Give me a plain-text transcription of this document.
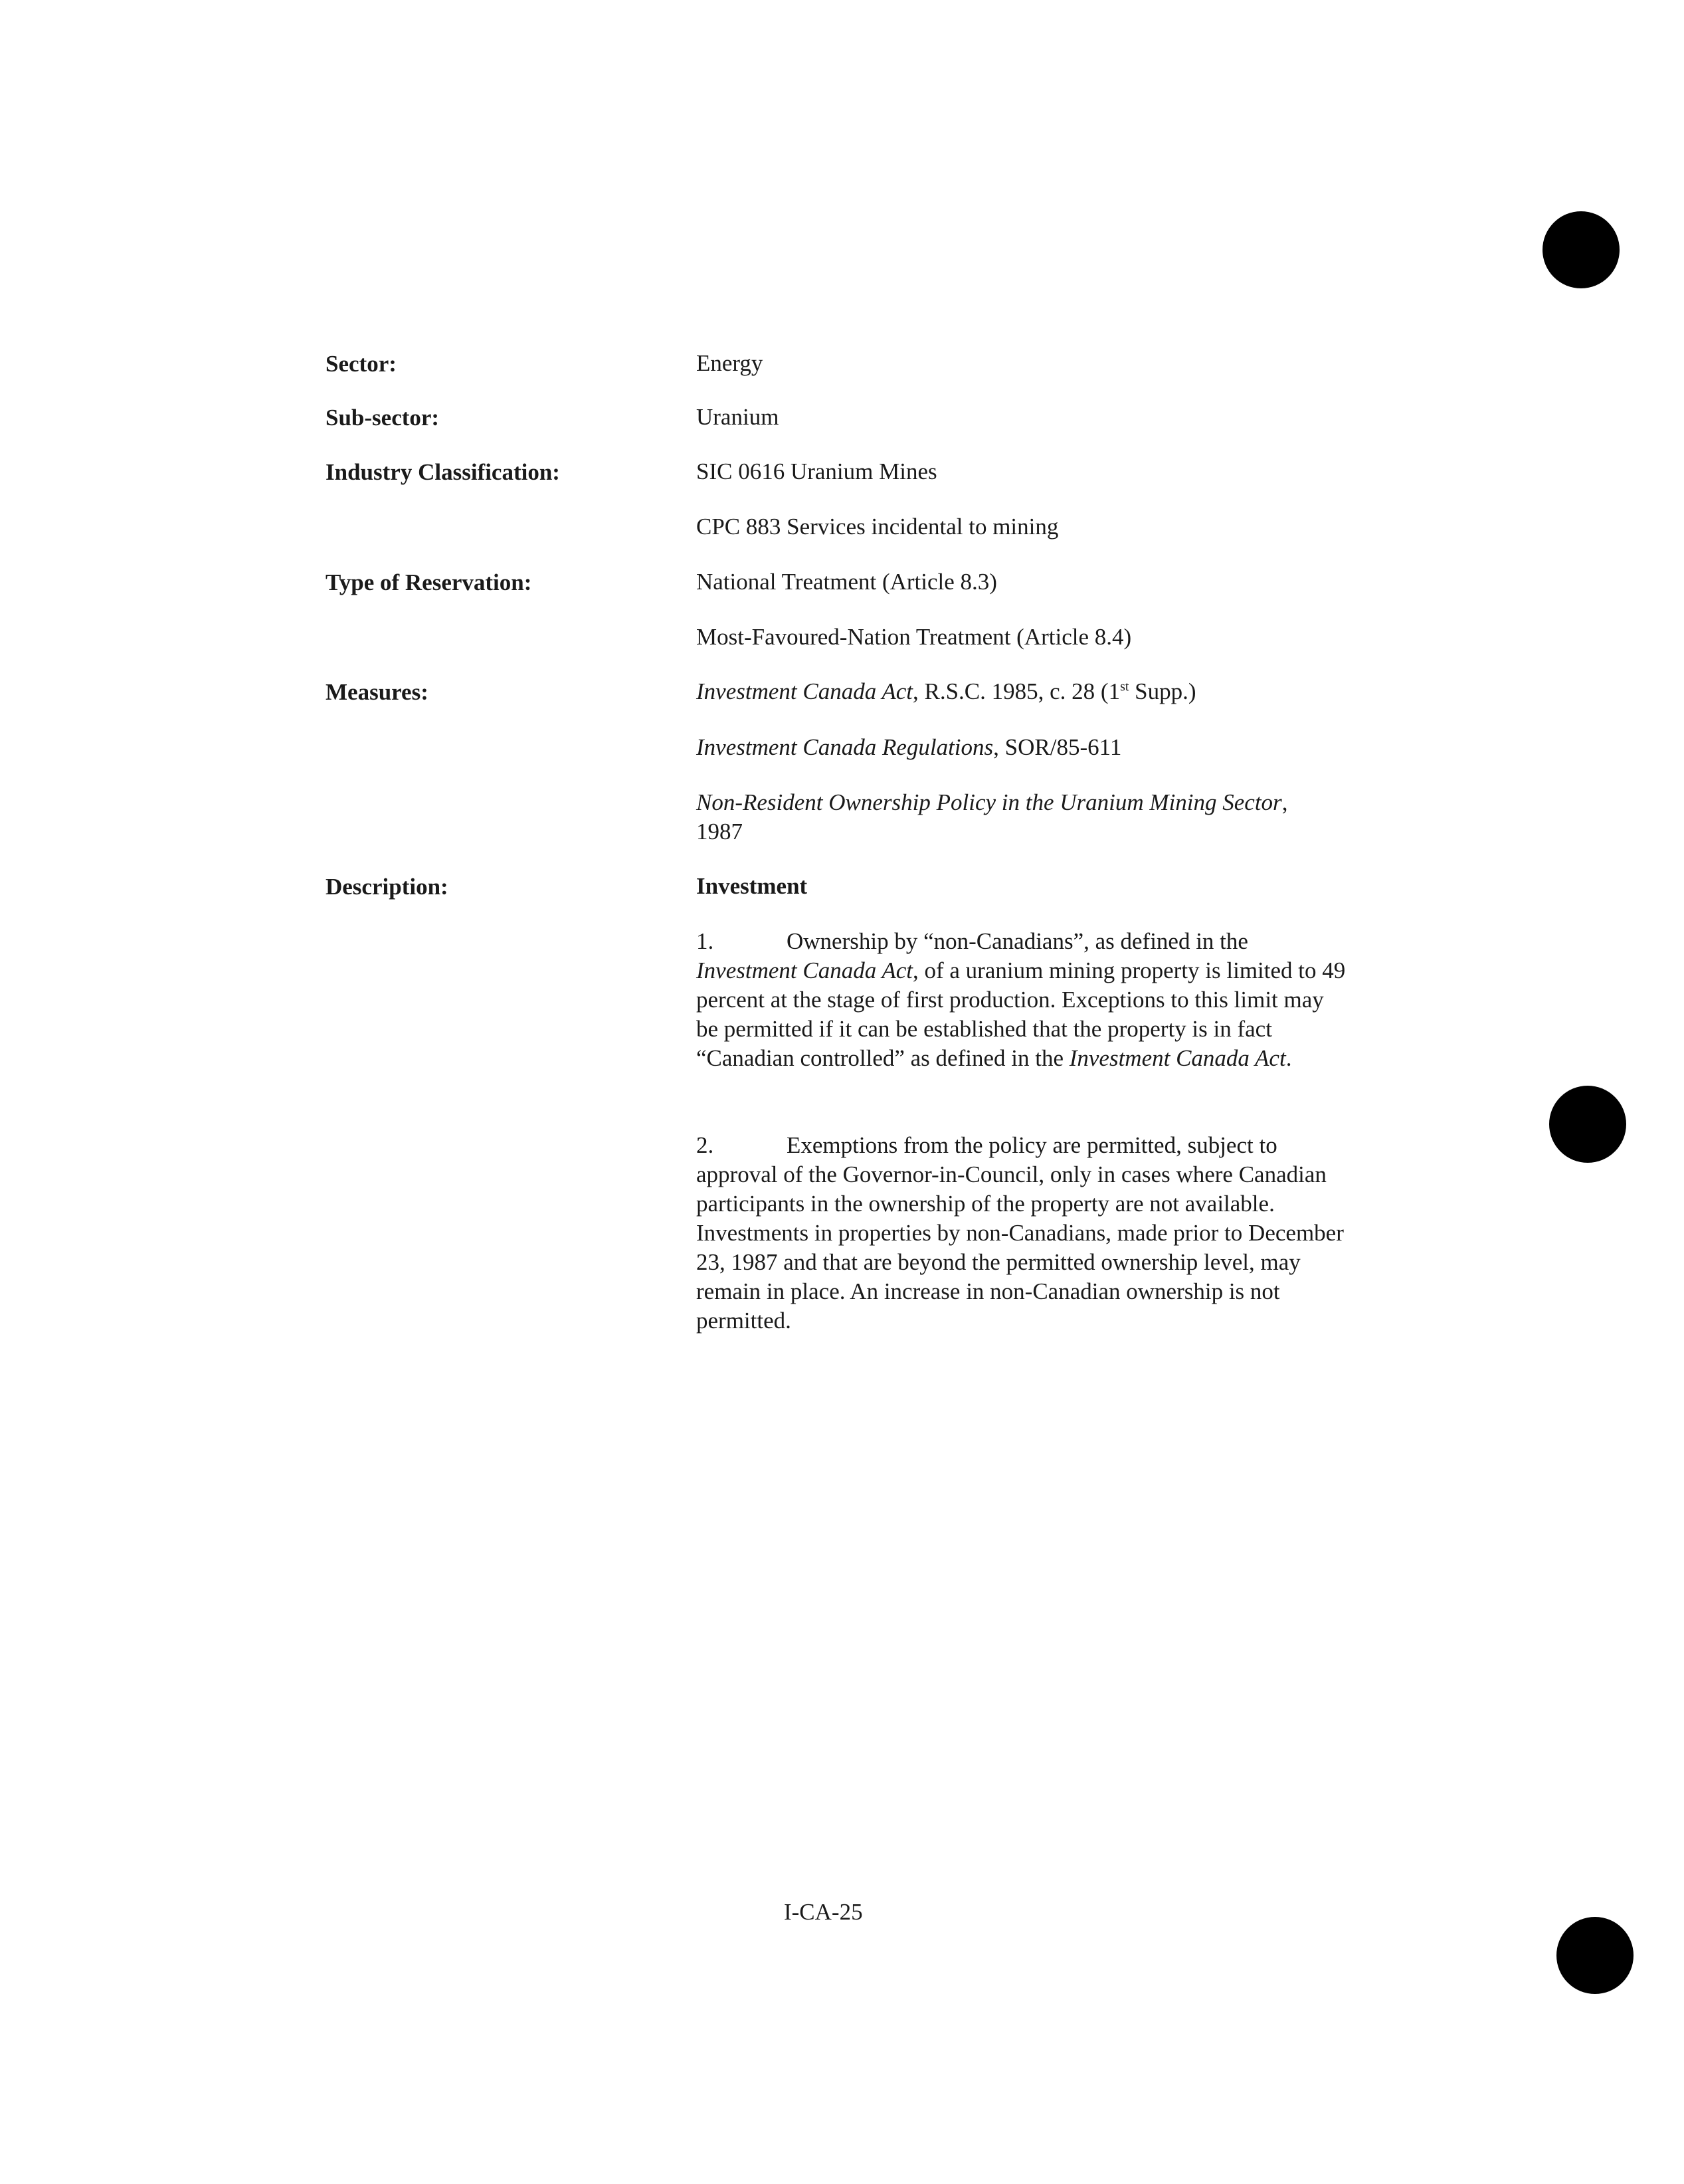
Sector:	Energy
Sub-sector:	Uranium
Industry Classification:	SIC 0616 Uranium Mines
CPC 883 Services incidental to mining
Type of Reservation:	National Treatment (Article 8.3)
Most-Favoured-Nation Treatment (Article 8.4)
Measures:	Investment Canada Act, R.S.C. 1985, c. 28 (1st Supp.)
Investment Canada Regulations, SOR/85-611
Non-Resident Ownership Policy in the Uranium Mining Sector, 1987
Description:	Investment
1.	Ownership by “non-Canadians”, as defined in the Investment Canada Act, of a uranium mining property is limited to 49 percent at the stage of first production. Exceptions to this limit may be permitted if it can be established that the property is in fact “Canadian controlled” as defined in the Investment Canada Act.
2.	Exemptions from the policy are permitted, subject to approval of the Governor-in-Council, only in cases where Canadian participants in the ownership of the property are not available. Investments in properties by non-Canadians, made prior to December 23, 1987 and that are beyond the permitted ownership level, may remain in place. An increase in non-Canadian ownership is not permitted.
I-CA-25
